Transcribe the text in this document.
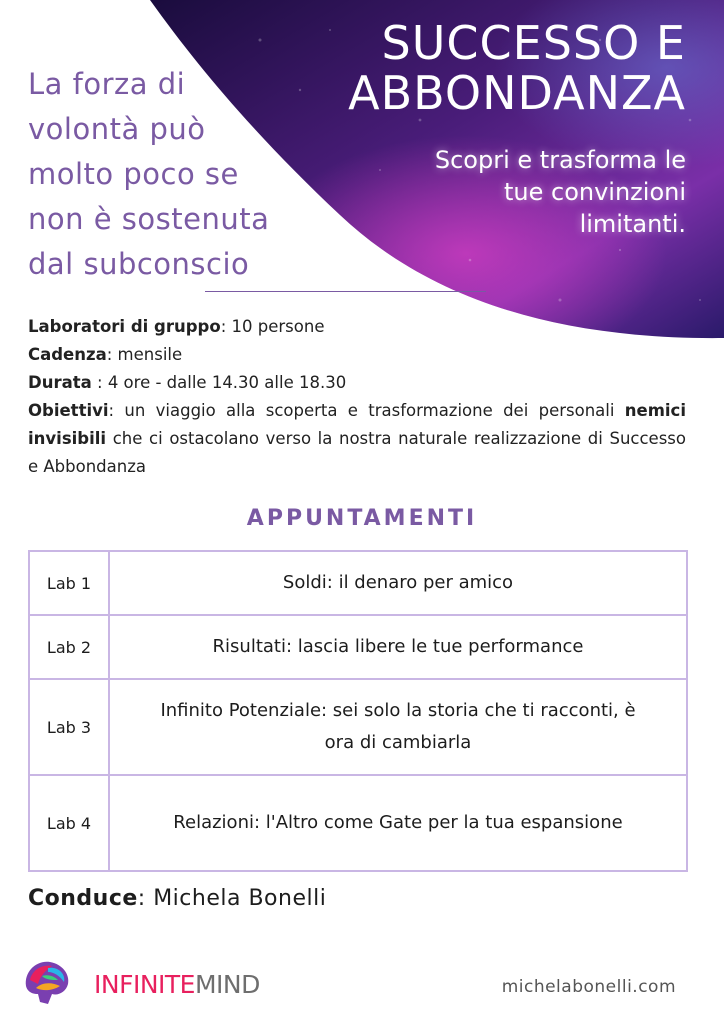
SUCCESSO E
ABBONDANZA
Scopri e trasforma le
tue convinzioni
limitanti.
La forza di
volontà può
molto poco se
non è sostenuta
dal subconscio
Laboratori di gruppo: 10 persone
Cadenza: mensile
Durata : 4 ore - dalle 14.30 alle 18.30
Obiettivi: un viaggio alla scoperta e trasformazione dei personali nemici invisibili che ci ostacolano verso la nostra naturale realizzazione di Successo e Abbondanza
APPUNTAMENTI
Lab 1	Soldi: il denaro per amico
Lab 2	Risultati: lascia libere le tue performance
Lab 3	Infinito Potenziale: sei solo la storia che ti racconti, è ora di cambiarla
Lab 4	Relazioni: l'Altro come Gate per la tua espansione
Conduce: Michela Bonelli
INFINITEMIND	michelabonelli.com
